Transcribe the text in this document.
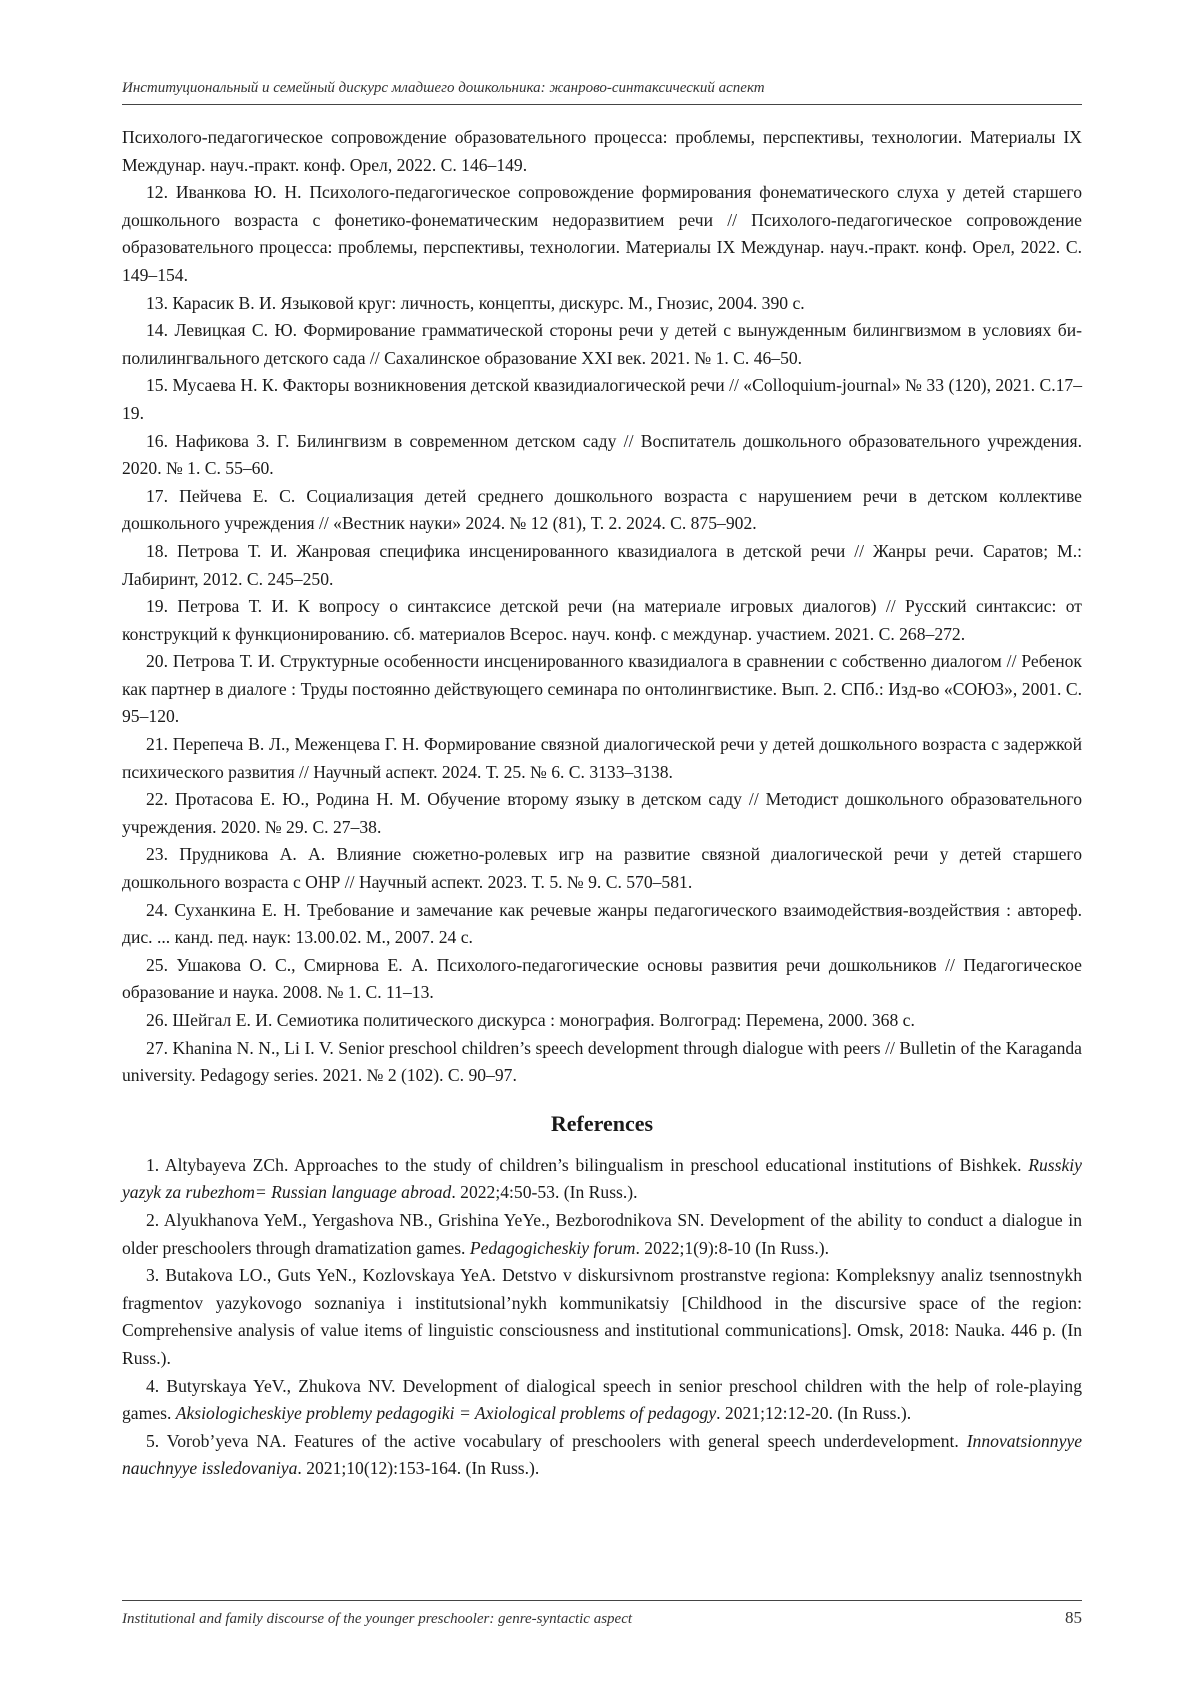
Институциональный и семейный дискурс младшего дошкольника: жанрово-синтаксический аспект

Психолого-педагогическое сопровождение образовательного процесса: проблемы, перспективы, технологии. Материалы IX Междунар. науч.-практ. конф. Орел, 2022. С. 146–149.

12. Иванкова Ю. Н. Психолого-педагогическое сопровождение формирования фонематического слуха у детей старшего дошкольного возраста с фонетико-фонематическим недоразвитием речи // Психолого-педагогическое сопровождение образовательного процесса: проблемы, перспективы, технологии. Материалы IX Междунар. науч.-практ. конф. Орел, 2022. С. 149–154.

13. Карасик В. И. Языковой круг: личность, концепты, дискурс. М., Гнозис, 2004. 390 с.

14. Левицкая С. Ю. Формирование грамматической стороны речи у детей с вынужденным билингвизмом в условиях би- полилингвального детского сада // Сахалинское образование XXI век. 2021. № 1. С. 46–50.

15. Мусаева Н. К. Факторы возникновения детской квазидиалогической речи // «Colloquium-journal» № 33 (120), 2021. С.17–19.

16. Нафикова З. Г. Билингвизм в современном детском саду // Воспитатель дошкольного образовательного учреждения. 2020. № 1. С. 55–60.

17. Пейчева Е. С. Социализация детей среднего дошкольного возраста с нарушением речи в детском коллективе дошкольного учреждения // «Вестник науки» 2024. № 12 (81), Т. 2. 2024. С. 875–902.

18. Петрова Т. И. Жанровая специфика инсценированного квазидиалога в детской речи // Жанры речи. Саратов; М.: Лабиринт, 2012. С. 245–250.

19. Петрова Т. И. К вопросу о синтаксисе детской речи (на материале игровых диалогов) // Русский синтаксис: от конструкций к функционированию. сб. материалов Всерос. науч. конф. с междунар. участием. 2021. С. 268–272.

20. Петрова Т. И. Структурные особенности инсценированного квазидиалога в сравнении с собственно диалогом // Ребенок как партнер в диалоге : Труды постоянно действующего семинара по онтолингвистике. Вып. 2. СПб.: Изд-во «СОЮЗ», 2001. С. 95–120.

21. Перепеча В. Л., Меженцева Г. Н. Формирование связной диалогической речи у детей дошкольного возраста с задержкой психического развития // Научный аспект. 2024. Т. 25. № 6. С. 3133–3138.

22. Протасова Е. Ю., Родина Н. М. Обучение второму языку в детском саду // Методист дошкольного образовательного учреждения. 2020. № 29. С. 27–38.

23. Прудникова А. А. Влияние сюжетно-ролевых игр на развитие связной диалогической речи у детей старшего дошкольного возраста с ОНР // Научный аспект. 2023. Т. 5. № 9. С. 570–581.

24. Суханкина Е. Н. Требование и замечание как речевые жанры педагогического взаимодействия-воздействия : автореф. дис. ... канд. пед. наук: 13.00.02. М., 2007. 24 с.

25. Ушакова О. С., Смирнова Е. А. Психолого-педагогические основы развития речи дошкольников // Педагогическое образование и наука. 2008. № 1. С. 11–13.

26. Шейгал Е. И. Семиотика политического дискурса : монография. Волгоград: Перемена, 2000. 368 с.

27. Khanina N. N., Li I. V. Senior preschool children’s speech development through dialogue with peers // Bulletin of the Karaganda university. Pedagogy series. 2021. № 2 (102). С. 90–97.

References

1. Altybayeva ZCh. Approaches to the study of children’s bilingualism in preschool educational institutions of Bishkek. Russkiy yazyk za rubezhom= Russian language abroad. 2022;4:50-53. (In Russ.).

2. Alyukhanova YeM., Yergashova NB., Grishina YeYe., Bezborodnikova SN. Development of the ability to conduct a dialogue in older preschoolers through dramatization games. Pedagogicheskiy forum. 2022;1(9):8-10 (In Russ.).

3. Butakova LO., Guts YeN., Kozlovskaya YeA. Detstvo v diskursivnom prostranstve regiona: Kompleksnyy analiz tsennostnykh fragmentov yazykovogo soznaniya i institutsional’nykh kommunikatsiy [Childhood in the discursive space of the region: Comprehensive analysis of value items of linguistic consciousness and institutional communications]. Omsk, 2018: Nauka. 446 p. (In Russ.).

4. Butyrskaya YeV., Zhukova NV. Development of dialogical speech in senior preschool children with the help of role-playing games. Aksiologicheskiye problemy pedagogiki = Axiological problems of pedagogy. 2021;12:12-20. (In Russ.).

5. Vorob’yeva NA. Features of the active vocabulary of preschoolers with general speech underdevelopment. Innovatsionnyye nauchnyye issledovaniya. 2021;10(12):153-164. (In Russ.).

Institutional and family discourse of the younger preschooler: genre-syntactic aspect	85
